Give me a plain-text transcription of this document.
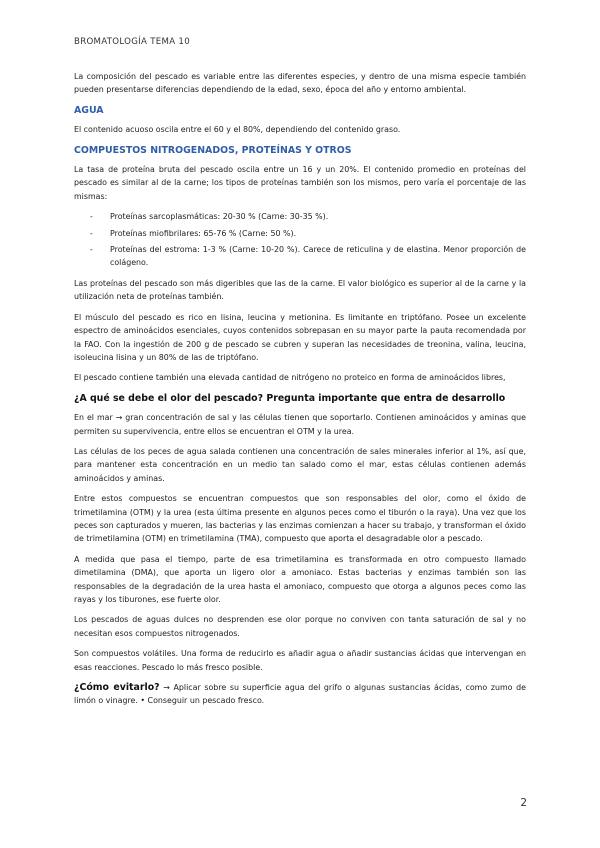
BROMATOLOGÍA TEMA 10

La composición del pescado es variable entre las diferentes especies, y dentro de una misma especie también pueden presentarse diferencias dependiendo de la edad, sexo, época del año y entorno ambiental.

AGUA

El contenido acuoso oscila entre el 60 y el 80%, dependiendo del contenido graso.

COMPUESTOS NITROGENADOS, PROTEÍNAS Y OTROS

La tasa de proteína bruta del pescado oscila entre un 16 y un 20%. El contenido promedio en proteínas del pescado es similar al de la carne; los tipos de proteínas también son los mismos, pero varía el porcentaje de las mismas:

- Proteínas sarcoplasmáticas: 20-30 % (Carne: 30-35 %).
- Proteínas miofibrilares: 65-76 % (Carne: 50 %).
- Proteínas del estroma: 1-3 % (Carne: 10-20 %). Carece de reticulina y de elastina. Menor proporción de colágeno.

Las proteínas del pescado son más digeribles que las de la carne. El valor biológico es superior al de la carne y la utilización neta de proteínas también.

El músculo del pescado es rico en lisina, leucina y metionina. Es limitante en triptófano. Posee un excelente espectro de aminoácidos esenciales, cuyos contenidos sobrepasan en su mayor parte la pauta recomendada por la FAO. Con la ingestión de 200 g de pescado se cubren y superan las necesidades de treonina, valina, leucina, isoleucina lisina y un 80% de las de triptófano.

El pescado contiene también una elevada cantidad de nitrógeno no proteico en forma de aminoácidos libres,

¿A qué se debe el olor del pescado? Pregunta importante que entra de desarrollo

En el mar → gran concentración de sal y las células tienen que soportarlo. Contienen aminoácidos y aminas que permiten su supervivencia, entre ellos se encuentran el OTM y la urea.

Las células de los peces de agua salada contienen una concentración de sales minerales inferior al 1%, así que, para mantener esta concentración en un medio tan salado como el mar, estas células contienen además aminoácidos y aminas.

Entre estos compuestos se encuentran compuestos que son responsables del olor, como el óxido de trimetilamina (OTM) y la urea (esta última presente en algunos peces como el tiburón o la raya). Una vez que los peces son capturados y mueren, las bacterias y las enzimas comienzan a hacer su trabajo, y transforman el óxido de trimetilamina (OTM) en trimetilamina (TMA), compuesto que aporta el desagradable olor a pescado.

A medida que pasa el tiempo, parte de esa trimetilamina es transformada en otro compuesto llamado dimetilamina (DMA), que aporta un ligero olor a amoniaco. Estas bacterias y enzimas también son las responsables de la degradación de la urea hasta el amoniaco, compuesto que otorga a algunos peces como las rayas y los tiburones, ese fuerte olor.

Los pescados de aguas dulces no desprenden ese olor porque no conviven con tanta saturación de sal y no necesitan esos compuestos nitrogenados.

Son compuestos volátiles. Una forma de reducirlo es añadir agua o añadir sustancias ácidas que intervengan en esas reacciones. Pescado lo más fresco posible.

¿Cómo evitarlo? → Aplicar sobre su superficie agua del grifo o algunas sustancias ácidas, como zumo de limón o vinagre. • Conseguir un pescado fresco.

2
